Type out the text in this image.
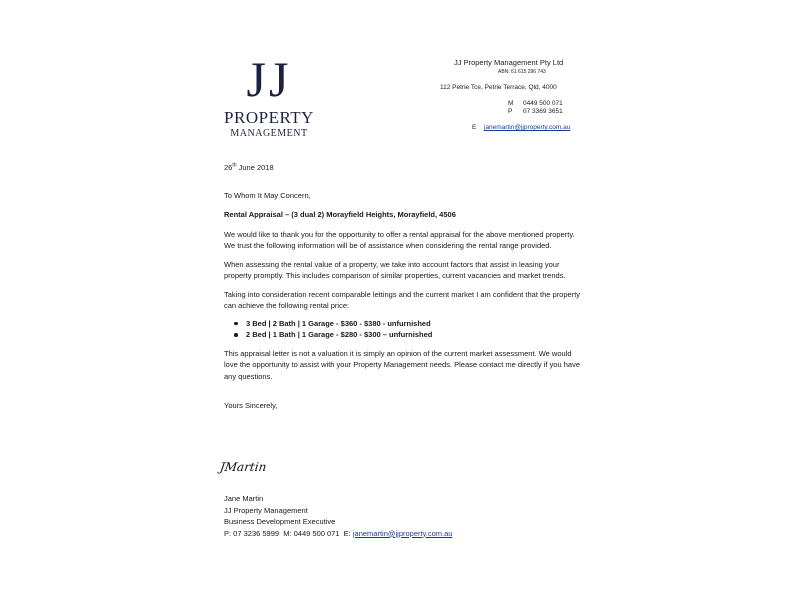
JJ
PROPERTY
MANAGEMENT
JJ Property Management Pty Ltd
ABN: 61 615 296 743
112 Petrie Tce, Petrie Terrace, Qld, 4000
M 0449 500 071
P 07 3369 3651
E janemartin@jjproperty.com.au

26th June 2018

To Whom It May Concern,

Rental Appraisal – (3 dual 2) Morayfield Heights, Morayfield, 4506

We would like to thank you for the opportunity to offer a rental appraisal for the above mentioned property. We trust the following information will be of assistance when considering the rental range provided.

When assessing the rental value of a property, we take into account factors that assist in leasing your property promptly. This includes comparison of similar properties, current vacancies and market trends.

Taking into consideration recent comparable lettings and the current market I am confident that the property can achieve the following rental price:

3 Bed | 2 Bath | 1 Garage - $360 - $380 - unfurnished
2 Bed | 1 Bath | 1 Garage - $280 - $300 – unfurnished

This appraisal letter is not a valuation it is simply an opinion of the current market assessment. We would love the opportunity to assist with your Property Management needs. Please contact me directly if you have any questions.

Yours Sincerely,

JMartin

Jane Martin

JJ Property Management

Business Development Executive

P: 07 3236 5999  M: 0449 500 071  E: janemartin@jjproperty.com.au
